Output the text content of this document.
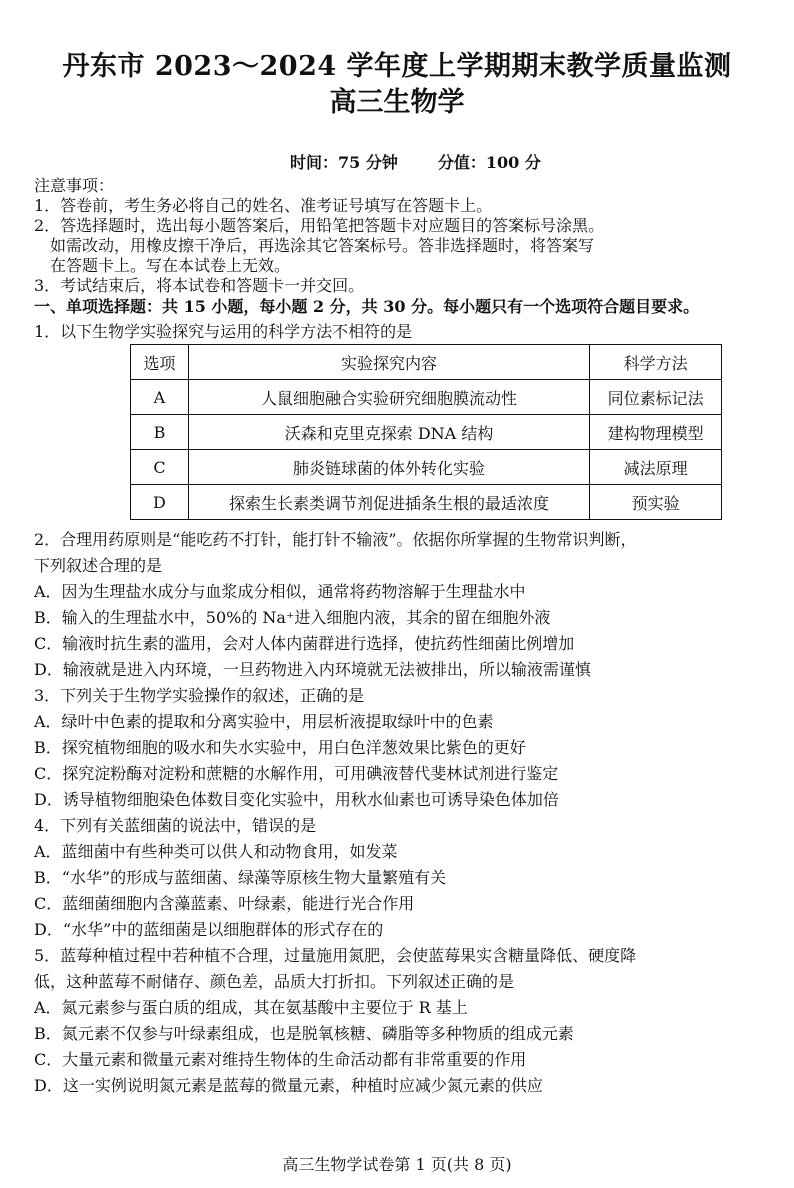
丹东市 2023～2024 学年度上学期期末教学质量监测
高三生物学
时间：75 分钟	分值：100 分
注意事项：
1．答卷前，考生务必将自己的姓名、准考证号填写在答题卡上。
2．答选择题时，选出每小题答案后，用铅笔把答题卡对应题目的答案标号涂黑。
如需改动，用橡皮擦干净后，再选涂其它答案标号。答非选择题时，将答案写
在答题卡上。写在本试卷上无效。
3．考试结束后，将本试卷和答题卡一并交回。
一、单项选择题：共 15 小题，每小题 2 分，共 30 分。每小题只有一个选项符合题目要求。
1．以下生物学实验探究与运用的科学方法不相符的是
选项	实验探究内容	科学方法
A	人鼠细胞融合实验研究细胞膜流动性	同位素标记法
B	沃森和克里克探索 DNA 结构	建构物理模型
C	肺炎链球菌的体外转化实验	减法原理
D	探索生长素类调节剂促进插条生根的最适浓度	预实验
2．合理用药原则是“能吃药不打针，能打针不输液”。依据你所掌握的生物常识判断，
下列叙述合理的是
A．因为生理盐水成分与血浆成分相似，通常将药物溶解于生理盐水中
B．输入的生理盐水中，50%的 Na⁺进入细胞内液，其余的留在细胞外液
C．输液时抗生素的滥用，会对人体内菌群进行选择，使抗药性细菌比例增加
D．输液就是进入内环境，一旦药物进入内环境就无法被排出，所以输液需谨慎
3．下列关于生物学实验操作的叙述，正确的是
A．绿叶中色素的提取和分离实验中，用层析液提取绿叶中的色素
B．探究植物细胞的吸水和失水实验中，用白色洋葱效果比紫色的更好
C．探究淀粉酶对淀粉和蔗糖的水解作用，可用碘液替代斐林试剂进行鉴定
D．诱导植物细胞染色体数目变化实验中，用秋水仙素也可诱导染色体加倍
4．下列有关蓝细菌的说法中，错误的是
A．蓝细菌中有些种类可以供人和动物食用，如发菜
B．“水华”的形成与蓝细菌、绿藻等原核生物大量繁殖有关
C．蓝细菌细胞内含藻蓝素、叶绿素，能进行光合作用
D．“水华”中的蓝细菌是以细胞群体的形式存在的
5．蓝莓种植过程中若种植不合理，过量施用氮肥，会使蓝莓果实含糖量降低、硬度降
低，这种蓝莓不耐储存、颜色差，品质大打折扣。下列叙述正确的是
A．氮元素参与蛋白质的组成，其在氨基酸中主要位于 R 基上
B．氮元素不仅参与叶绿素组成，也是脱氧核糖、磷脂等多种物质的组成元素
C．大量元素和微量元素对维持生物体的生命活动都有非常重要的作用
D．这一实例说明氮元素是蓝莓的微量元素，种植时应减少氮元素的供应
高三生物学试卷第 1 页(共 8 页)
